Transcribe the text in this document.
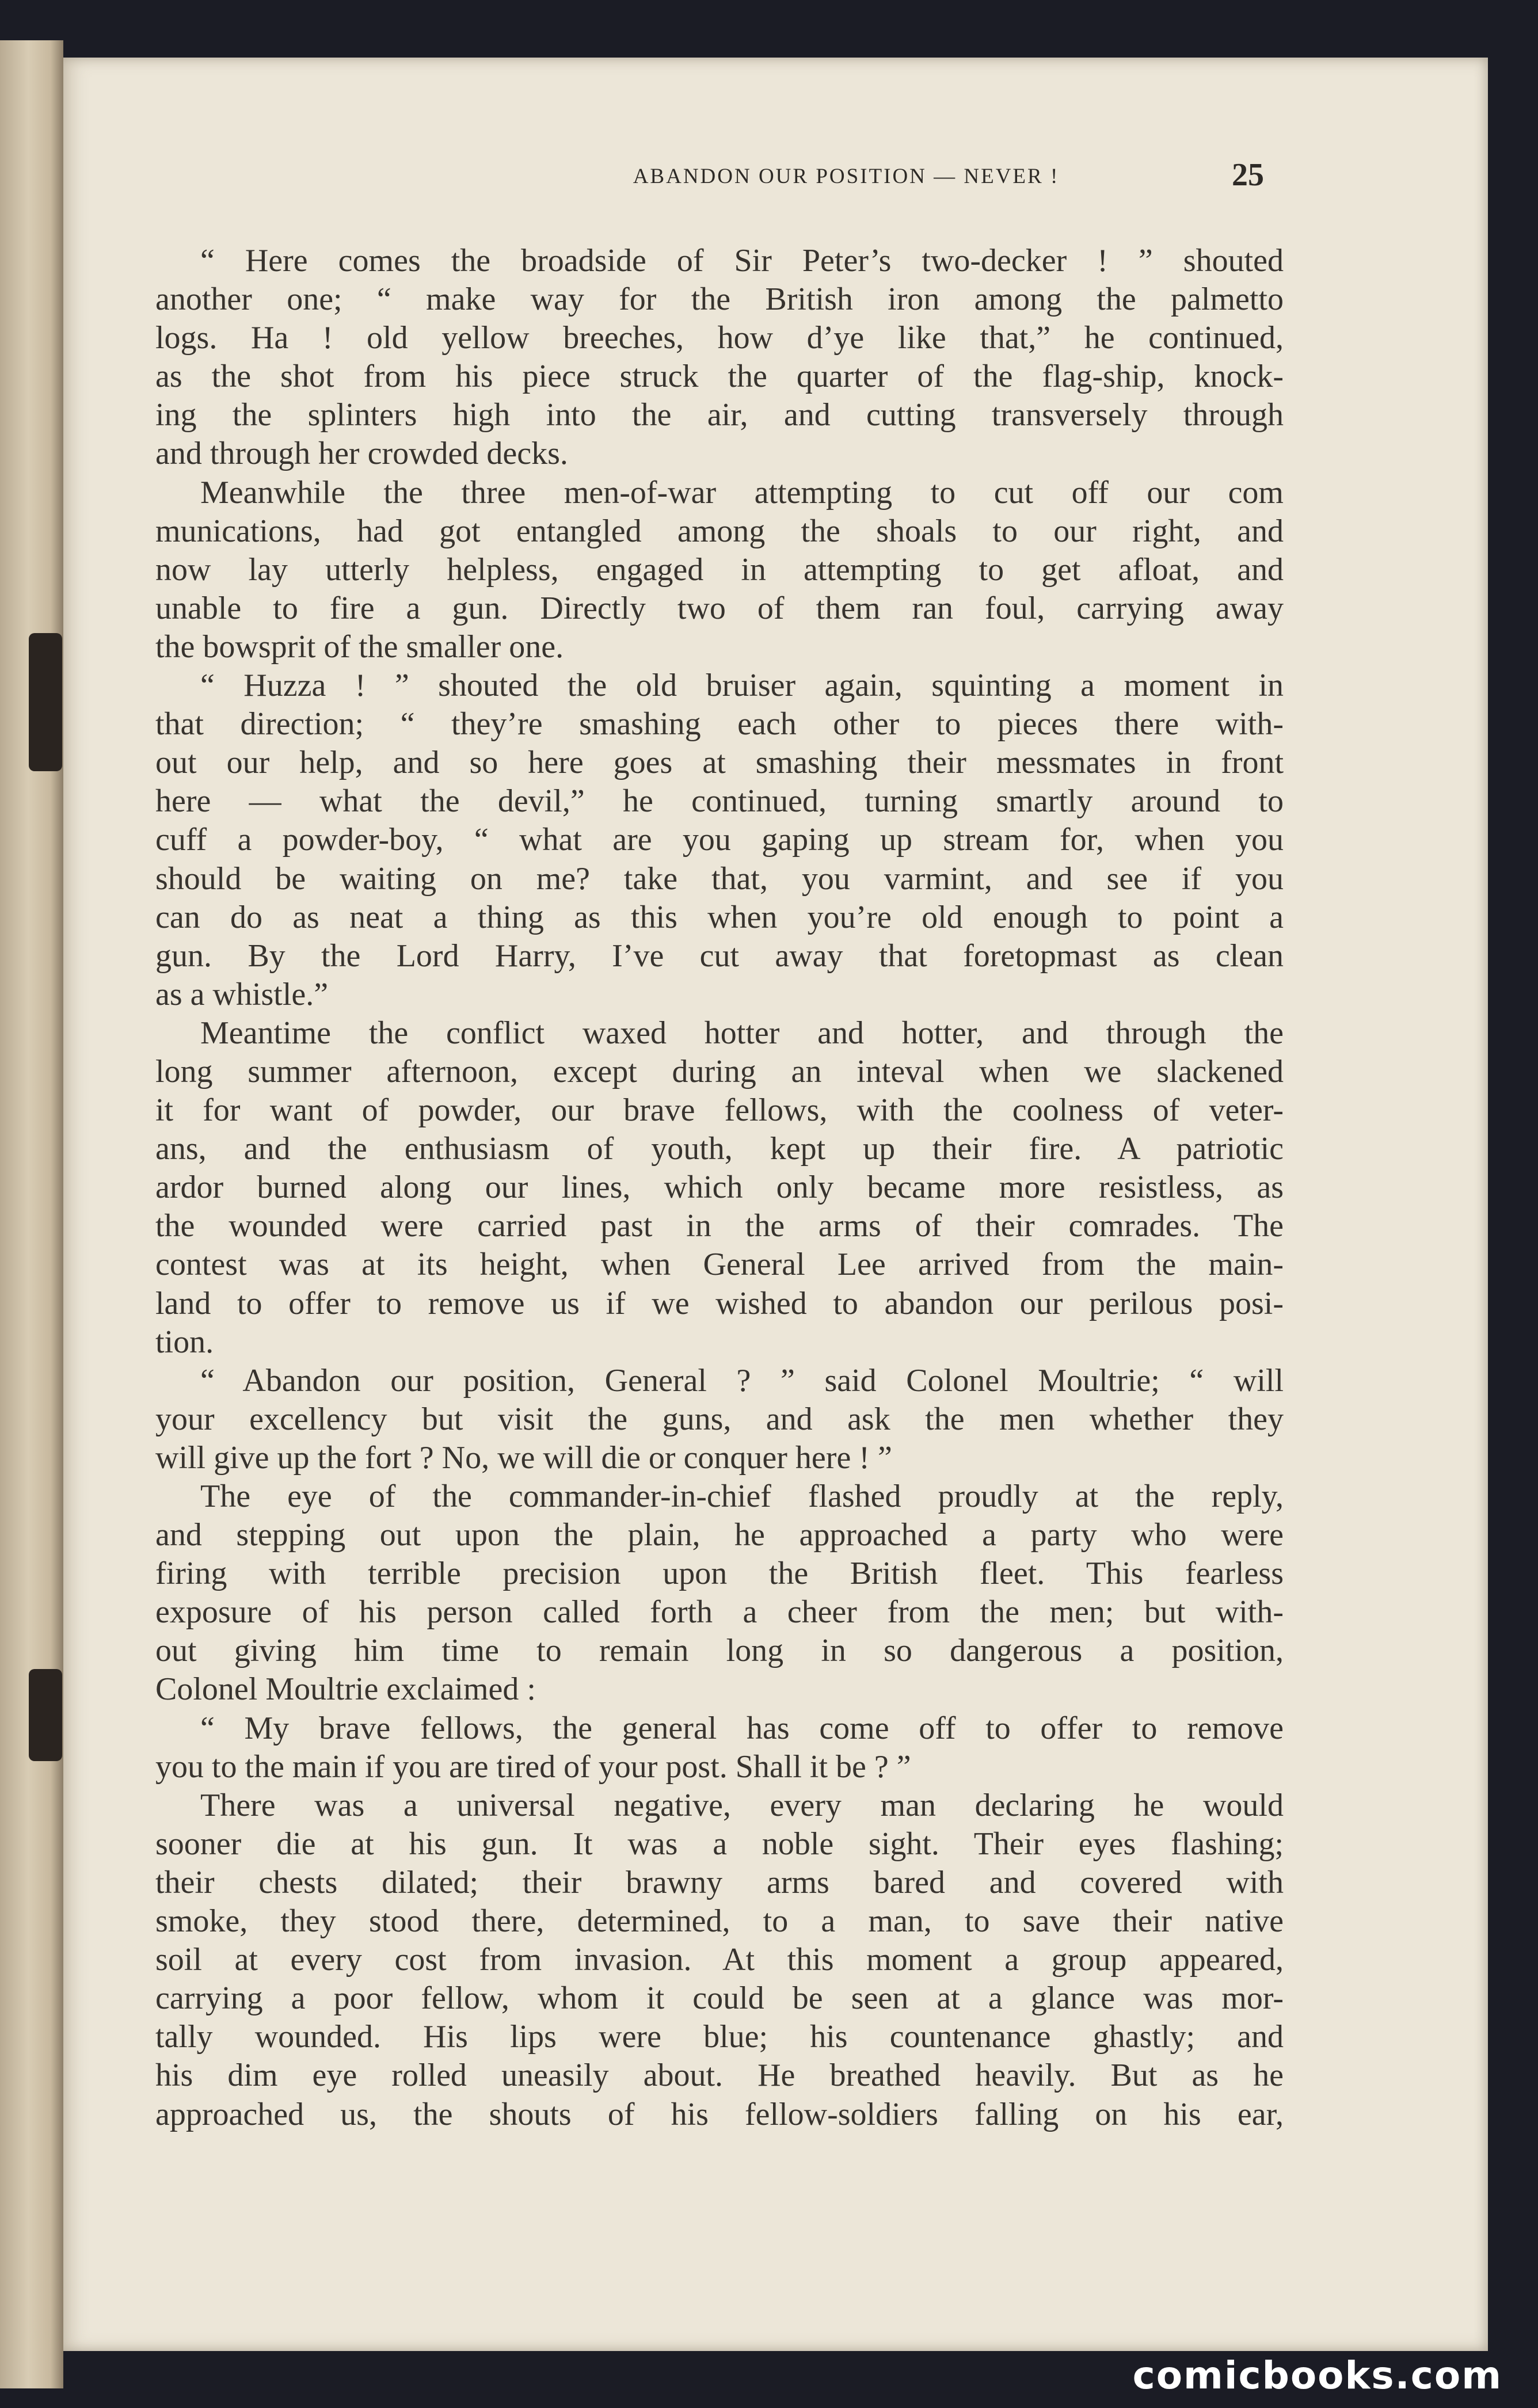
ABANDON OUR POSITION — NEVER !	25
“ Here comes the broadside of Sir Peter’s two-decker ! ” shouted
another one; “ make way for the British iron among the palmetto
logs. Ha ! old yellow breeches, how d’ye like that,” he continued,
as the shot from his piece struck the quarter of the flag-ship, knock-
ing the splinters high into the air, and cutting transversely through
and through her crowded decks.
Meanwhile the three men-of-war attempting to cut off our com
munications, had got entangled among the shoals to our right, and
now lay utterly helpless, engaged in attempting to get afloat, and
unable to fire a gun. Directly two of them ran foul, carrying away
the bowsprit of the smaller one.
“ Huzza ! ” shouted the old bruiser again, squinting a moment in
that direction; “ they’re smashing each other to pieces there with-
out our help, and so here goes at smashing their messmates in front
here — what the devil,” he continued, turning smartly around to
cuff a powder-boy, “ what are you gaping up stream for, when you
should be waiting on me? take that, you varmint, and see if you
can do as neat a thing as this when you’re old enough to point a
gun. By the Lord Harry, I’ve cut away that foretopmast as clean
as a whistle.”
Meantime the conflict waxed hotter and hotter, and through the
long summer afternoon, except during an inteval when we slackened
it for want of powder, our brave fellows, with the coolness of veter-
ans, and the enthusiasm of youth, kept up their fire. A patriotic
ardor burned along our lines, which only became more resistless, as
the wounded were carried past in the arms of their comrades. The
contest was at its height, when General Lee arrived from the main-
land to offer to remove us if we wished to abandon our perilous posi-
tion.
“ Abandon our position, General ? ” said Colonel Moultrie; “ will
your excellency but visit the guns, and ask the men whether they
will give up the fort ? No, we will die or conquer here ! ”
The eye of the commander-in-chief flashed proudly at the reply,
and stepping out upon the plain, he approached a party who were
firing with terrible precision upon the British fleet. This fearless
exposure of his person called forth a cheer from the men; but with-
out giving him time to remain long in so dangerous a position,
Colonel Moultrie exclaimed :
“ My brave fellows, the general has come off to offer to remove
you to the main if you are tired of your post. Shall it be ? ”
There was a universal negative, every man declaring he would
sooner die at his gun. It was a noble sight. Their eyes flashing;
their chests dilated; their brawny arms bared and covered with
smoke, they stood there, determined, to a man, to save their native
soil at every cost from invasion. At this moment a group appeared,
carrying a poor fellow, whom it could be seen at a glance was mor-
tally wounded. His lips were blue; his countenance ghastly; and
his dim eye rolled uneasily about. He breathed heavily. But as he
approached us, the shouts of his fellow-soldiers falling on his ear,
comicbooks.com
